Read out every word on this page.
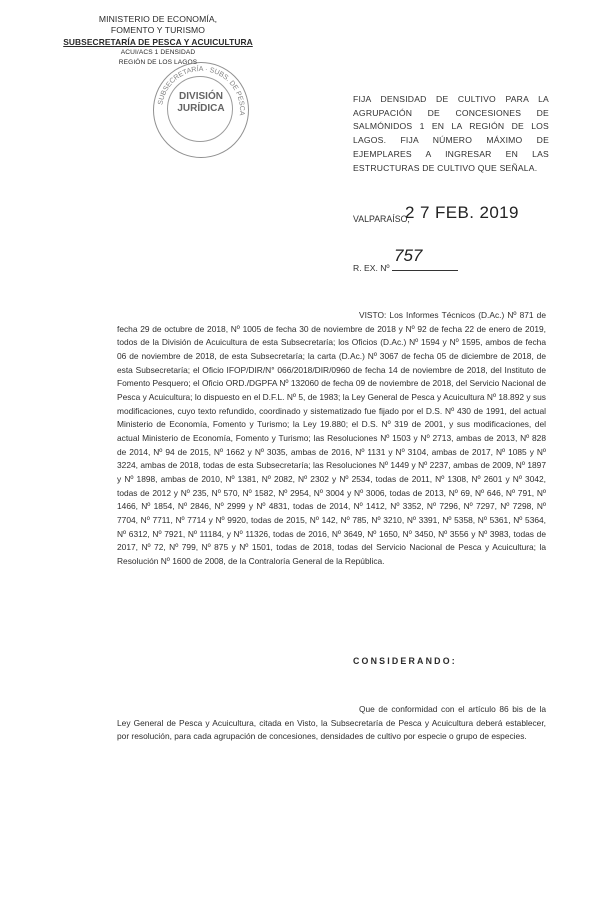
MINISTERIO DE ECONOMÍA,
FOMENTO Y TURISMO
SUBSECRETARÍA DE PESCA Y ACUICULTURA
ACUI/ACS 1 DENSIDAD
REGIÓN DE LOS LAGOS
SUBSECRETARÍA · SUBS. DE PESCA
DIVISIÓN
JURÍDICA
FIJA DENSIDAD DE CULTIVO PARA LA AGRUPACIÓN DE CONCESIONES DE SALMÓNIDOS 1 EN LA REGIÓN DE LOS LAGOS. FIJA NÚMERO MÁXIMO DE EJEMPLARES A INGRESAR EN LAS ESTRUCTURAS DE CULTIVO QUE SEÑALA.
VALPARAÍSO,
2 7 FEB. 2019
757
R. EX. Nº

VISTO: Los Informes Técnicos (D.Ac.) Nº 871 de fecha 29 de octubre de 2018, Nº 1005 de fecha 30 de noviembre de 2018 y Nº 92 de fecha 22 de enero de 2019, todos de la División de Acuicultura de esta Subsecretaría; los Oficios (D.Ac.) Nº 1594 y Nº 1595, ambos de fecha 06 de noviembre de 2018, de esta Subsecretaría; la carta (D.Ac.) Nº 3067 de fecha 05 de diciembre de 2018, de esta Subsecretaría; el Oficio IFOP/DIR/N° 066/2018/DIR/0960 de fecha 14 de noviembre de 2018, del Instituto de Fomento Pesquero; el Oficio ORD./DGPFA Nº 132060 de fecha 09 de noviembre de 2018, del Servicio Nacional de Pesca y Acuicultura; lo dispuesto en el D.F.L. Nº 5, de 1983; la Ley General de Pesca y Acuicultura Nº 18.892 y sus modificaciones, cuyo texto refundido, coordinado y sistematizado fue fijado por el D.S. Nº 430 de 1991, del actual Ministerio de Economía, Fomento y Turismo; la Ley 19.880; el D.S. Nº 319 de 2001, y sus modificaciones, del actual Ministerio de Economía, Fomento y Turismo; las Resoluciones Nº 1503 y Nº 2713, ambas de 2013, Nº 828 de 2014, Nº 94 de 2015, Nº 1662 y Nº 3035, ambas de 2016, Nº 1131 y Nº 3104, ambas de 2017, Nº 1085 y Nº 3224, ambas de 2018, todas de esta Subsecretaría; las Resoluciones Nº 1449 y Nº 2237, ambas de 2009, Nº 1897 y Nº 1898, ambas de 2010, Nº 1381, Nº 2082, Nº 2302 y Nº 2534, todas de 2011, Nº 1308, Nº 2601 y Nº 3042, todas de 2012 y Nº 235, Nº 570, Nº 1582, Nº 2954, Nº 3004 y Nº 3006, todas de 2013, Nº 69, Nº 646, Nº 791, Nº 1466, Nº 1854, Nº 2846, Nº 2999 y Nº 4831, todas de 2014, Nº 1412, Nº 3352, Nº 7296, Nº 7297, Nº 7298, Nº 7704, Nº 7711, Nº 7714 y Nº 9920, todas de 2015, Nº 142, Nº 785, Nº 3210, Nº 3391, Nº 5358, Nº 5361, Nº 5364, Nº 6312, Nº 7921, Nº 11184, y Nº 11326, todas de 2016, Nº 3649, Nº 1650, Nº 3450, Nº 3556 y Nº 3983, todas de 2017, Nº 72, Nº 799, Nº 875 y Nº 1501, todas de 2018, todas del Servicio Nacional de Pesca y Acuicultura; la Resolución Nº 1600 de 2008, de la Contraloría General de la República.

CONSIDERANDO:

Que de conformidad con el artículo 86 bis de la Ley General de Pesca y Acuicultura, citada en Visto, la Subsecretaría de Pesca y Acuicultura deberá establecer, por resolución, para cada agrupación de concesiones, densidades de cultivo por especie o grupo de especies.
